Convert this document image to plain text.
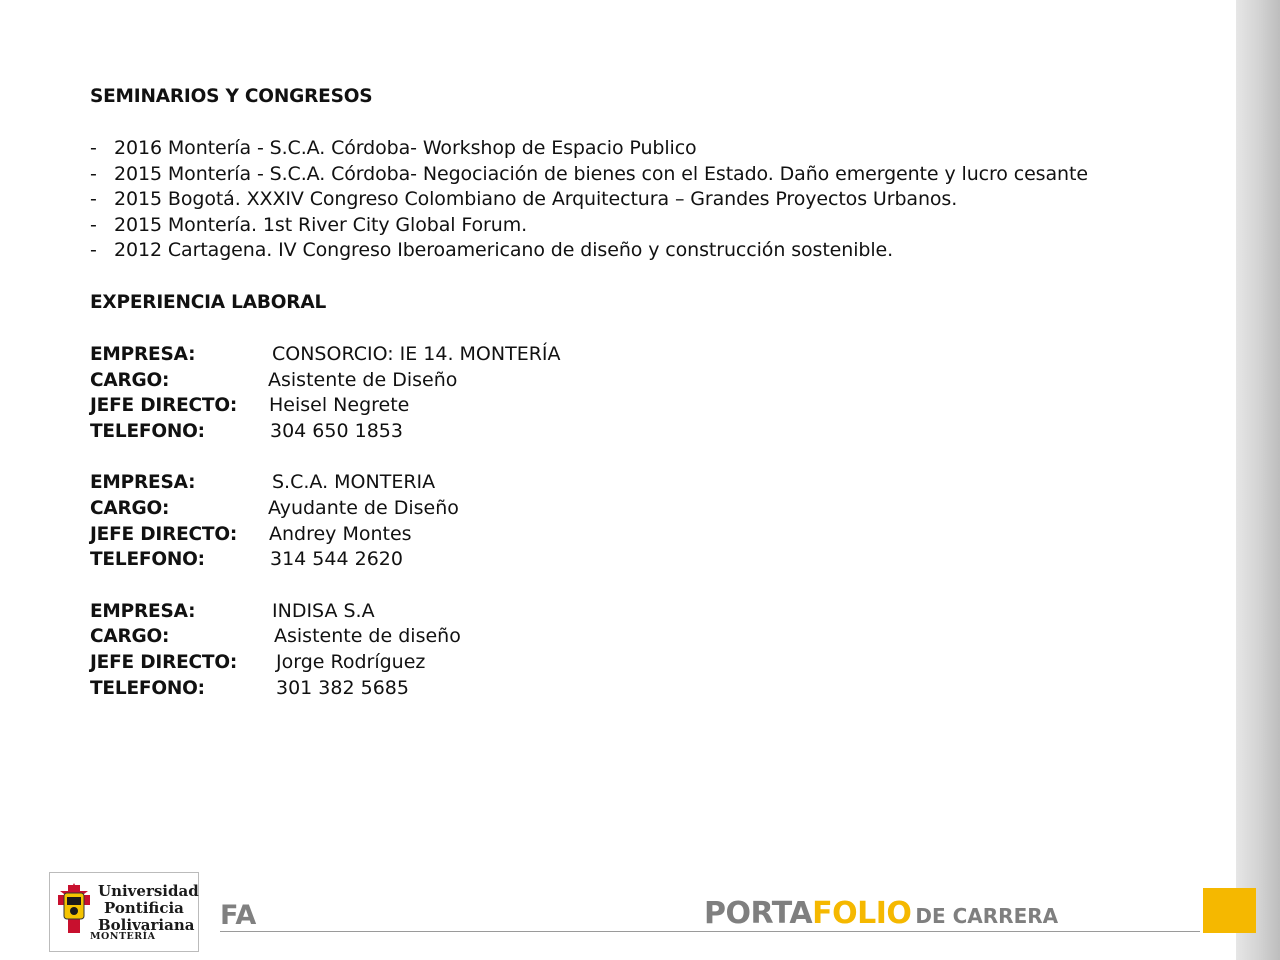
SEMINARIOS Y CONGRESOS
- 2016 Montería - S.C.A. Córdoba- Workshop de Espacio Publico
- 2015 Montería - S.C.A. Córdoba- Negociación de bienes con el Estado. Daño emergente y lucro cesante
- 2015 Bogotá. XXXIV Congreso Colombiano de Arquitectura – Grandes Proyectos Urbanos.
- 2015 Montería. 1st River City Global Forum.
- 2012 Cartagena. IV Congreso Iberoamericano de diseño y construcción sostenible.
EXPERIENCIA LABORAL
EMPRESA:	CONSORCIO: IE 14. MONTERÍA
CARGO:	Asistente de Diseño
JEFE DIRECTO:	Heisel Negrete
TELEFONO:	304 650 1853
EMPRESA:	S.C.A. MONTERIA
CARGO:	Ayudante de Diseño
JEFE DIRECTO:	Andrey Montes
TELEFONO:	314 544 2620
EMPRESA:	INDISA S.A
CARGO:	Asistente de diseño
JEFE DIRECTO:	Jorge Rodríguez
TELEFONO:	301 382 5685
Universidad
Pontificia
Bolivariana
MONTERÍA
FA	PORTAFOLIO DE CARRERA
